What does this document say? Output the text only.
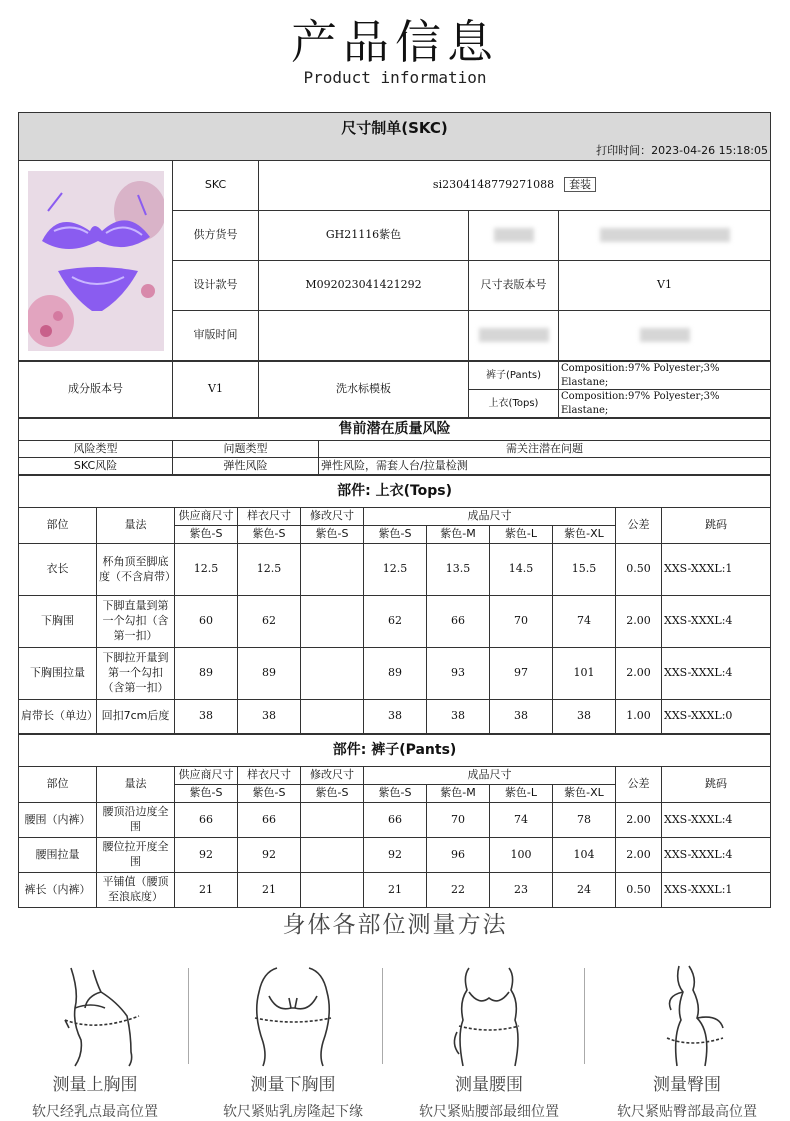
产品信息
Product information
尺寸制单(SKC)				
打印时间：2023-04-26 15:18:05				

	SKC	si2304148779271088 套装		
	供方货号	GH21116紫色		
	设计款号	M092023041421292	尺寸表版本号	V1
	审版时间			
成分版本号	V1	洗水标模板	裤子(Pants)	Composition:97% Polyester;3% Elastane;
			上衣(Tops)	Composition:97% Polyester;3% Elastane;
售前潜在质量风险		
风险类型	问题类型	需关注潜在问题
SKC风险	弹性风险	弹性风险，需套人台/拉量检测
部件: 上衣(Tops)										
部位	量法	供应商尺寸	样衣尺寸	修改尺寸	成品尺寸				公差	跳码
		紫色-S	紫色-S	紫色-S	紫色-S	紫色-M	紫色-L	紫色-XL		
衣长	杯角顶至脚底度（不含肩带）	12.5	12.5		12.5	13.5	14.5	15.5	0.50	XXS-XXXL:1
下胸围	下脚直量到第一个勾扣（含第一扣）	60	62		62	66	70	74	2.00	XXS-XXXL:4
下胸围拉量	下脚拉开量到第一个勾扣（含第一扣）	89	89		89	93	97	101	2.00	XXS-XXXL:4
肩带长（单边）	回扣7cm后度	38	38		38	38	38	38	1.00	XXS-XXXL:0
部件: 裤子(Pants)										
部位	量法	供应商尺寸	样衣尺寸	修改尺寸	成品尺寸				公差	跳码
		紫色-S	紫色-S	紫色-S	紫色-S	紫色-M	紫色-L	紫色-XL		
腰围（内裤）	腰顶沿边度全围	66	66		66	70	74	78	2.00	XXS-XXXL:4
腰围拉量	腰位拉开度全围	92	92		92	96	100	104	2.00	XXS-XXXL:4
裤长（内裤）	平铺值（腰顶至浪底度）	21	21		21	22	23	24	0.50	XXS-XXXL:1
身体各部位测量方法
测量上胸围
软尺经乳点最高位置
测量下胸围
软尺紧贴乳房隆起下缘
测量腰围
软尺紧贴腰部最细位置
测量臀围
软尺紧贴臀部最高位置
